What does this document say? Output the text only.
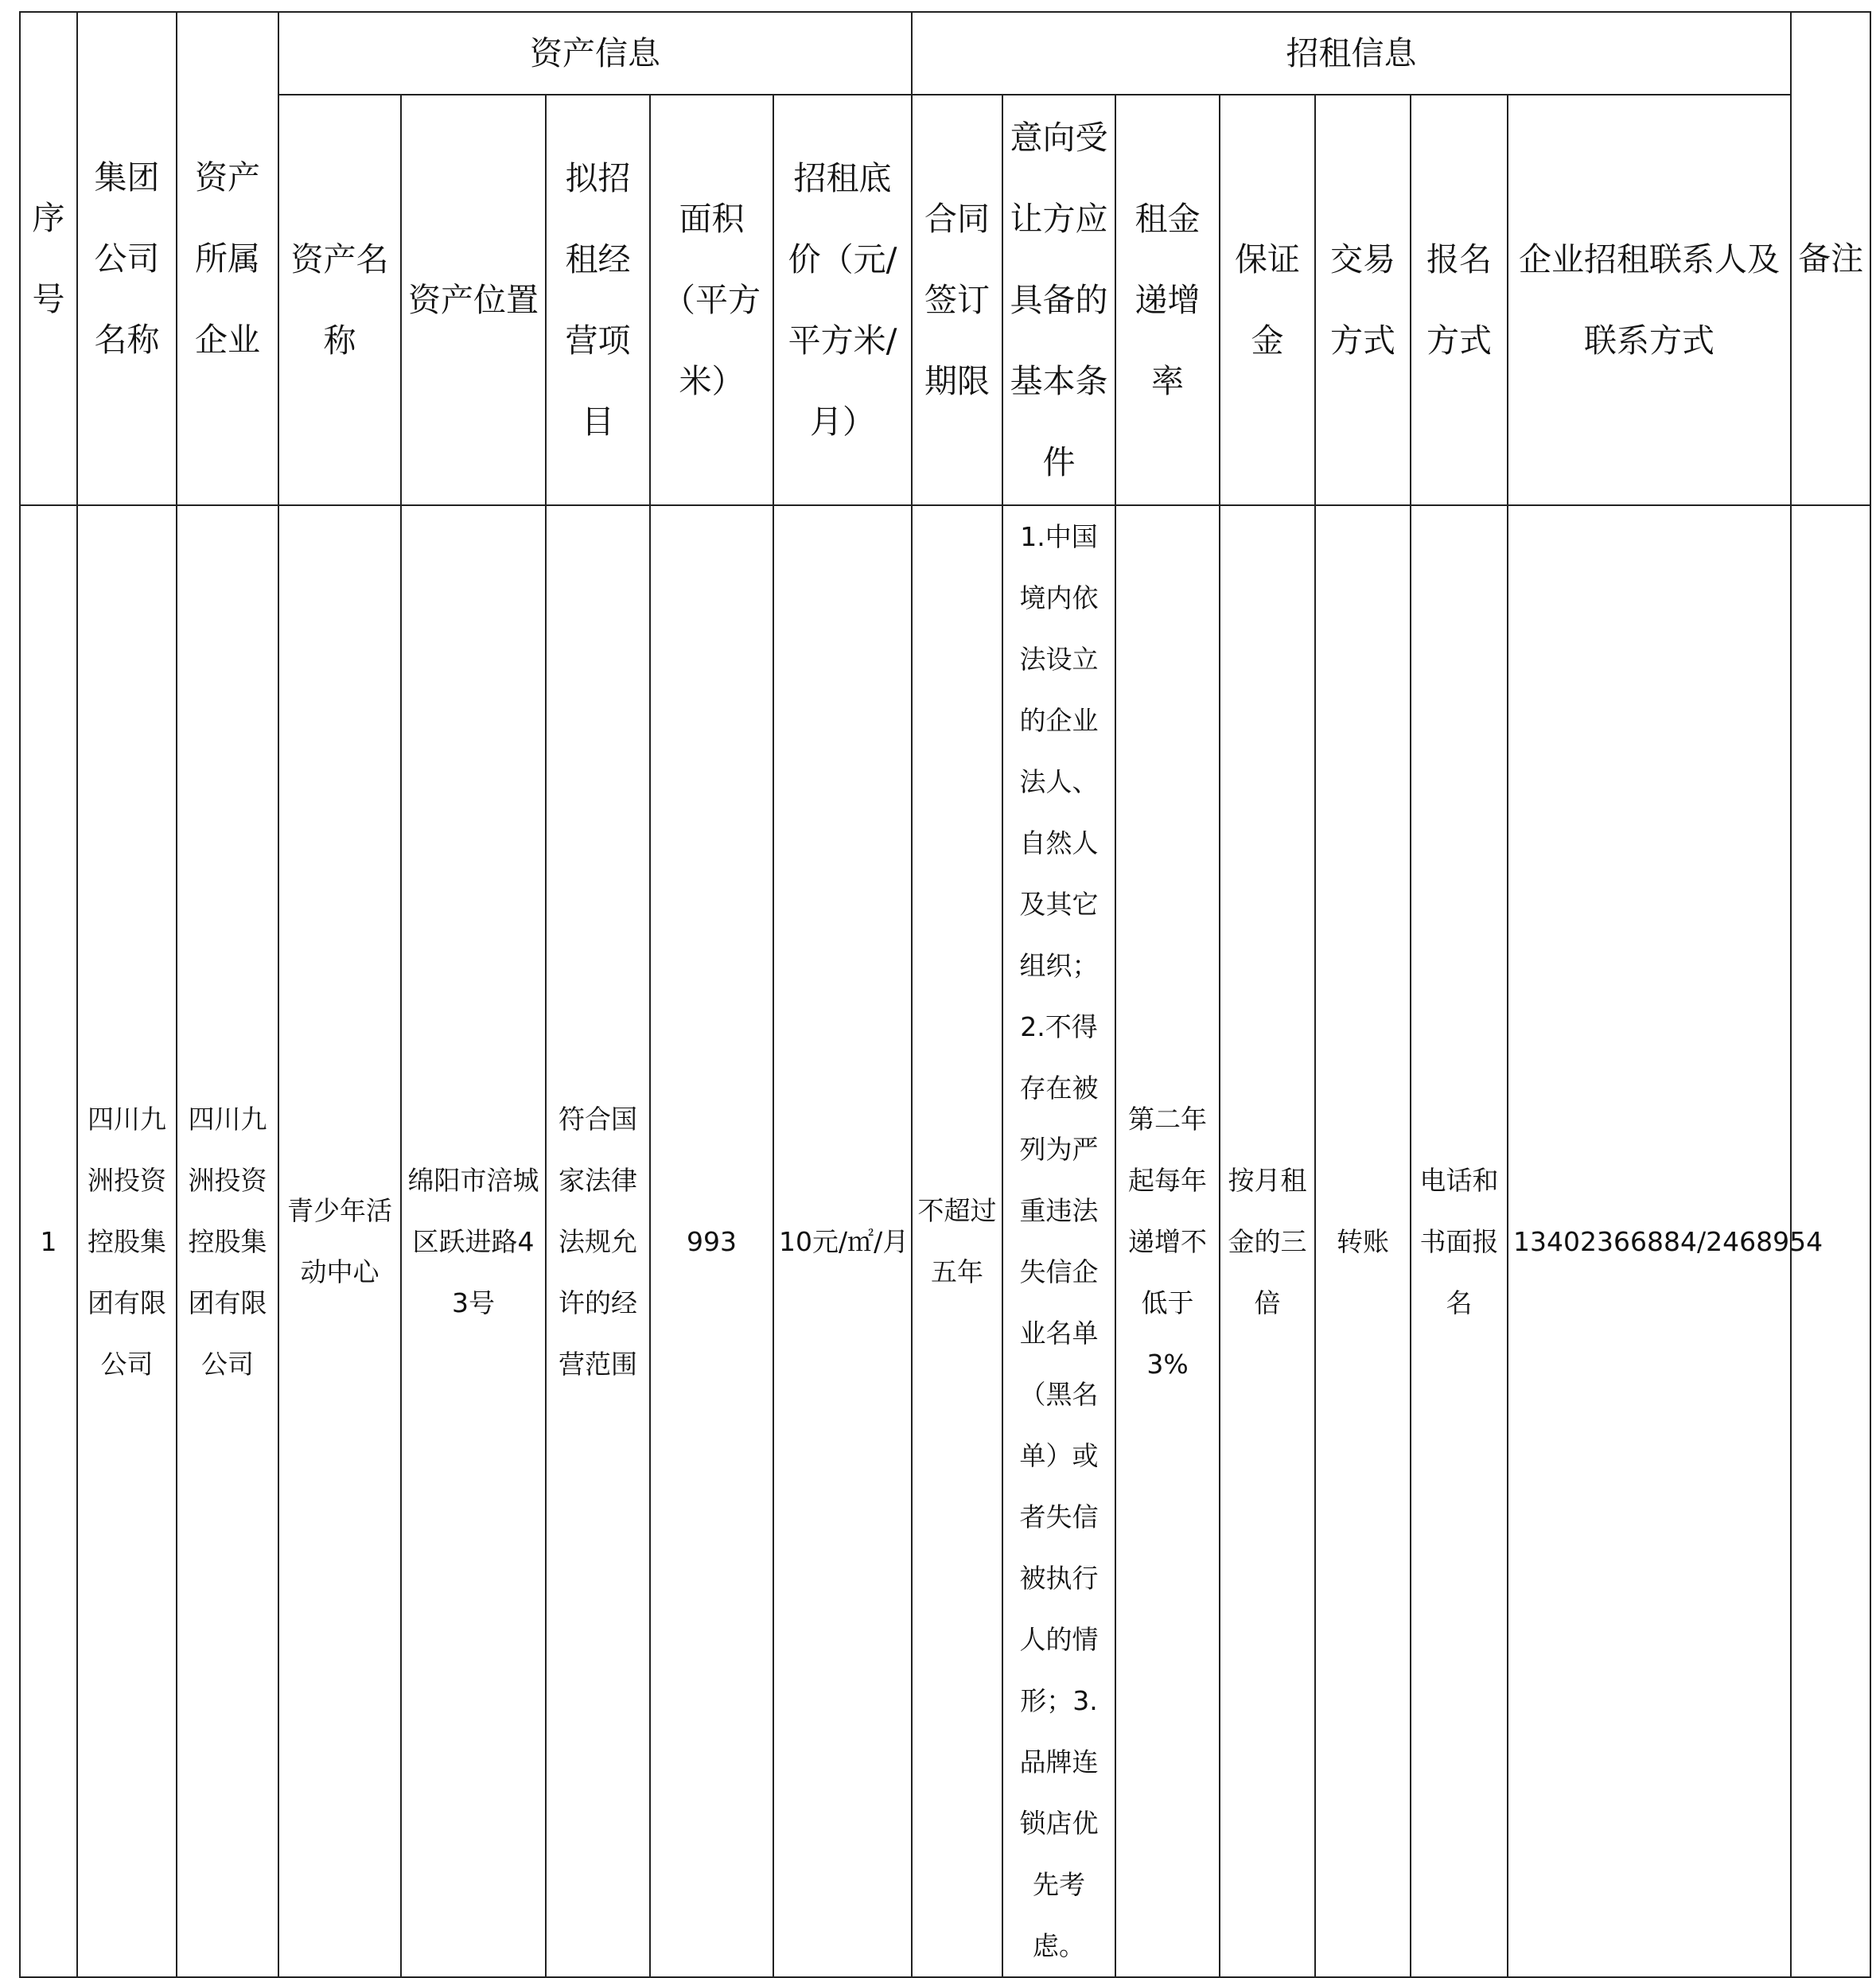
序号	集团公司名称	资产所属企业	资产信息					招租信息							备注
			资产名称	资产位置	拟招租经营项目	面积（平方米）	招租底价（元/平方米/月）	合同签订期限	意向受让方应具备的基本条件	租金递增率	保证金	交易方式	报名方式	企业招租联系人及联系方式	
1	四川九洲投资控股集团有限公司	四川九洲投资控股集团有限公司	青少年活动中心	绵阳市涪城区跃进路43号	符合国家法律法规允许的经营范围	993	10元/㎡/月	不超过五年	1.中国境内依法设立的企业法人、自然人及其它组织；2.不得存在被列为严重违法失信企业名单（黑名单）或者失信被执行人的情形；3.品牌连锁店优先考虑。	第二年起每年递增不低于3%	按月租金的三倍	转账	电话和书面报名	13402366884/2468954	
